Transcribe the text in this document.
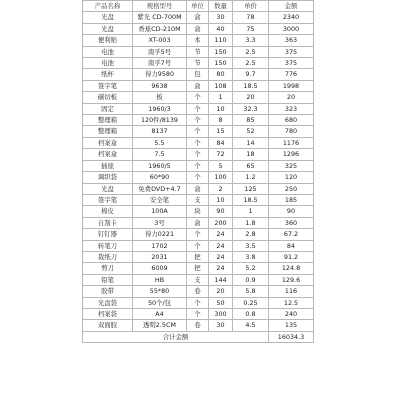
产品名称	规格型号	单位	数量	单价	金额
光盘	紫光 CD-700M	盒	30	78	2340
光盘	香蕉CD-210M	盒	40	75	3000
便利贴	XT-003	本	110	3.3	363
电池	南孚5号	节	150	2.5	375
电池	南孚7号	节	150	2.5	375
纸杯	得力9580	包	80	9.7	776
签字笔	9638	盒	108	18.5	1998
碳切板	板	个	1	20	20
固定	1960/3	个	10	32.3	323
整理箱	120件/8139	个	8	85	680
整理箱	8137	个	15	52	780
档案盒	5.5	个	84	14	1176
档案盒	7.5	个	72	18	1296
插座	1960/5	个	5	65	325
调织袋	60*90	个	100	1.2	120
光盘	免费DVD+4.7	盒	2	125	250
签字笔	安全笔	支	10	18.5	185
棉皮	100A	块	90	1	90
自刮卡	3号	盒	200	1.8	360
钉钉器	得力0221	个	24	2.8	67.2
转笔刀	1702	个	24	3.5	84
裁纸刀	2031	把	24	3.8	91.2
剪刀	6009	把	24	5.2	124.8
铅笔	HB	支	144	0.9	129.6
胶带	55*80	卷	20	5.8	116
光盘袋	50个/包	个	50	0.25	12.5
档案袋	A4	个	300	0.8	240
双面胶	透明2.5CM	卷	30	4.5	135
合计金额					16034.3
